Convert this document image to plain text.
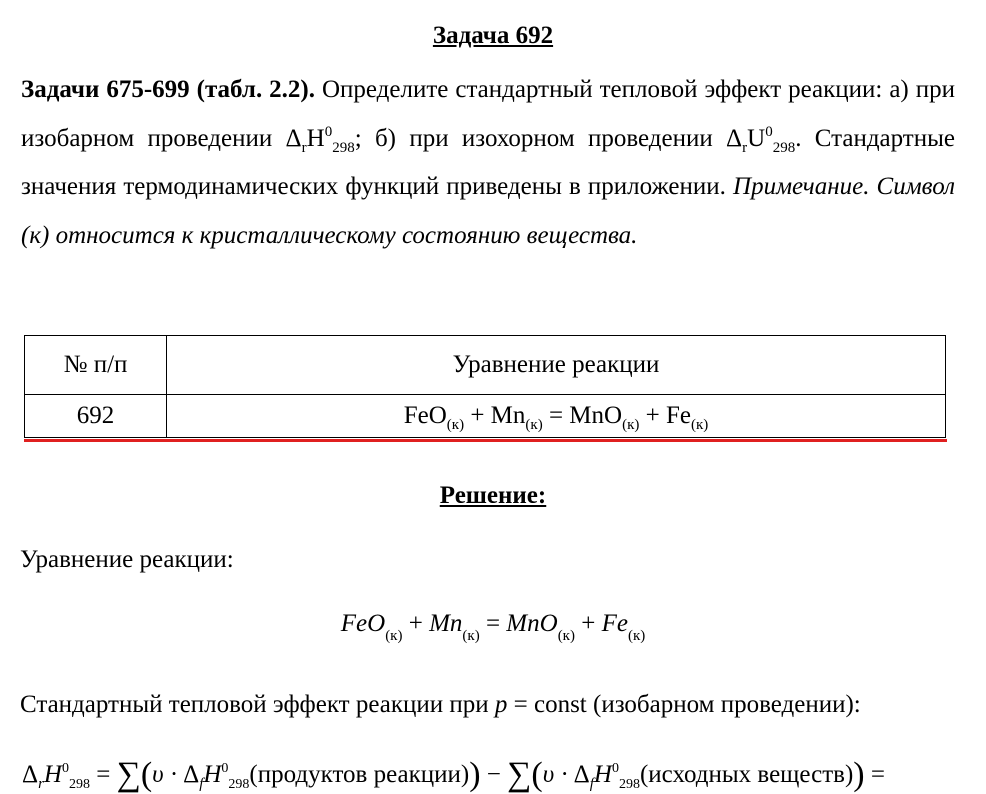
Задача 692
Задачи 675-699 (табл. 2.2). Определите стандартный тепловой эффект реакции: а) при изобарном проведении $\Delta_rH^0_{298}$; б) при изохорном проведении $\Delta_rU^0_{298}$. Стандартные значения термодинамических функций приведены в приложении. Примечание. Символ (к) относится к кристаллическому состоянию вещества.
№ п/п	Уравнение реакции
692	$FeO_{(к)} + Mn_{(к)} = MnO_{(к)} + Fe_{(к)}$
Решение:
Уравнение реакции:
$FeO_{(к)} + Mn_{(к)} = MnO_{(к)} + Fe_{(к)}$
Стандартный тепловой эффект реакции при p = const (изобарном проведении):
$\Delta_rH^0_{298} = \sum(\upsilon$ · $\Delta_fH^0_{298}(продуктов$ реакции)) − $\sum(\upsilon \cdot \Delta_fH^0_{298}(исходных$ веществ)) =
